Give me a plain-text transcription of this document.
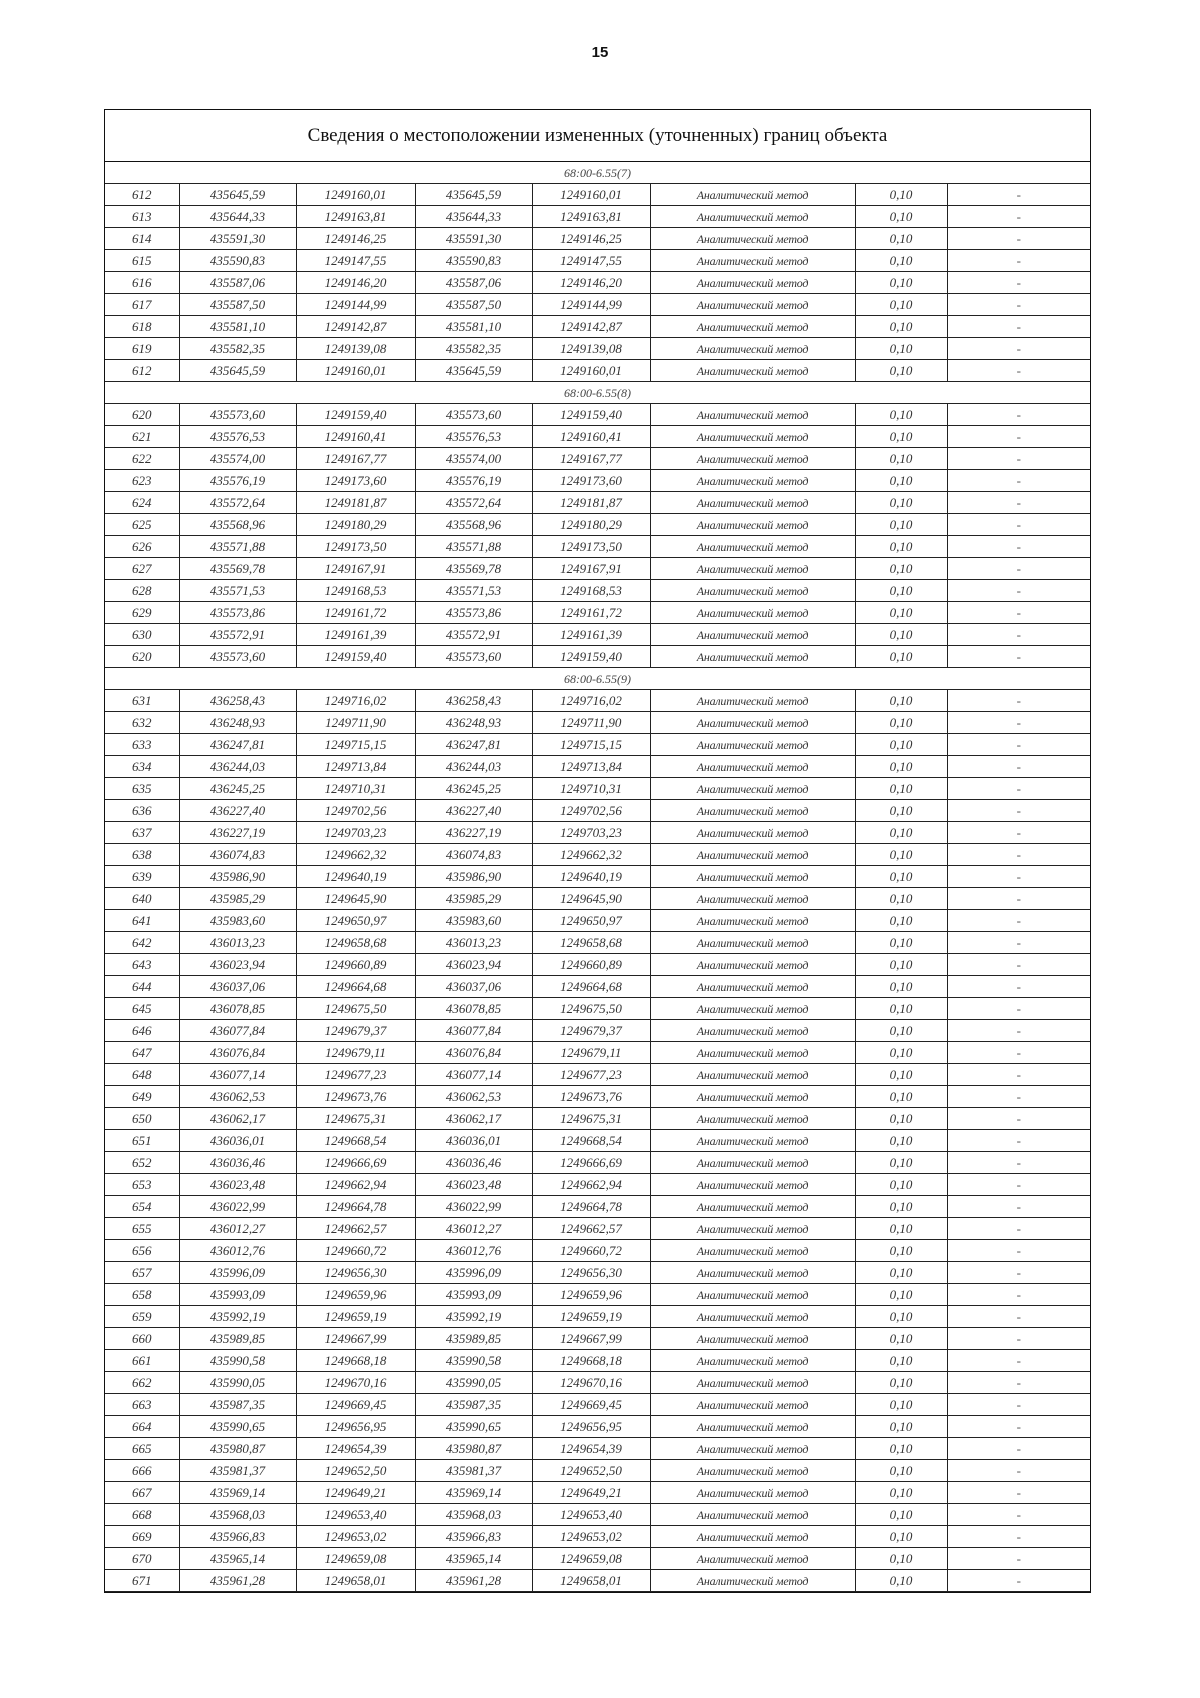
15
Сведения о местоположении измененных (уточненных) границ объекта
68:00-6.55(7)							
612	435645,59	1249160,01	435645,59	1249160,01	Аналитический метод	0,10	-
613	435644,33	1249163,81	435644,33	1249163,81	Аналитический метод	0,10	-
614	435591,30	1249146,25	435591,30	1249146,25	Аналитический метод	0,10	-
615	435590,83	1249147,55	435590,83	1249147,55	Аналитический метод	0,10	-
616	435587,06	1249146,20	435587,06	1249146,20	Аналитический метод	0,10	-
617	435587,50	1249144,99	435587,50	1249144,99	Аналитический метод	0,10	-
618	435581,10	1249142,87	435581,10	1249142,87	Аналитический метод	0,10	-
619	435582,35	1249139,08	435582,35	1249139,08	Аналитический метод	0,10	-
612	435645,59	1249160,01	435645,59	1249160,01	Аналитический метод	0,10	-
68:00-6.55(8)							
620	435573,60	1249159,40	435573,60	1249159,40	Аналитический метод	0,10	-
621	435576,53	1249160,41	435576,53	1249160,41	Аналитический метод	0,10	-
622	435574,00	1249167,77	435574,00	1249167,77	Аналитический метод	0,10	-
623	435576,19	1249173,60	435576,19	1249173,60	Аналитический метод	0,10	-
624	435572,64	1249181,87	435572,64	1249181,87	Аналитический метод	0,10	-
625	435568,96	1249180,29	435568,96	1249180,29	Аналитический метод	0,10	-
626	435571,88	1249173,50	435571,88	1249173,50	Аналитический метод	0,10	-
627	435569,78	1249167,91	435569,78	1249167,91	Аналитический метод	0,10	-
628	435571,53	1249168,53	435571,53	1249168,53	Аналитический метод	0,10	-
629	435573,86	1249161,72	435573,86	1249161,72	Аналитический метод	0,10	-
630	435572,91	1249161,39	435572,91	1249161,39	Аналитический метод	0,10	-
620	435573,60	1249159,40	435573,60	1249159,40	Аналитический метод	0,10	-
68:00-6.55(9)							
631	436258,43	1249716,02	436258,43	1249716,02	Аналитический метод	0,10	-
632	436248,93	1249711,90	436248,93	1249711,90	Аналитический метод	0,10	-
633	436247,81	1249715,15	436247,81	1249715,15	Аналитический метод	0,10	-
634	436244,03	1249713,84	436244,03	1249713,84	Аналитический метод	0,10	-
635	436245,25	1249710,31	436245,25	1249710,31	Аналитический метод	0,10	-
636	436227,40	1249702,56	436227,40	1249702,56	Аналитический метод	0,10	-
637	436227,19	1249703,23	436227,19	1249703,23	Аналитический метод	0,10	-
638	436074,83	1249662,32	436074,83	1249662,32	Аналитический метод	0,10	-
639	435986,90	1249640,19	435986,90	1249640,19	Аналитический метод	0,10	-
640	435985,29	1249645,90	435985,29	1249645,90	Аналитический метод	0,10	-
641	435983,60	1249650,97	435983,60	1249650,97	Аналитический метод	0,10	-
642	436013,23	1249658,68	436013,23	1249658,68	Аналитический метод	0,10	-
643	436023,94	1249660,89	436023,94	1249660,89	Аналитический метод	0,10	-
644	436037,06	1249664,68	436037,06	1249664,68	Аналитический метод	0,10	-
645	436078,85	1249675,50	436078,85	1249675,50	Аналитический метод	0,10	-
646	436077,84	1249679,37	436077,84	1249679,37	Аналитический метод	0,10	-
647	436076,84	1249679,11	436076,84	1249679,11	Аналитический метод	0,10	-
648	436077,14	1249677,23	436077,14	1249677,23	Аналитический метод	0,10	-
649	436062,53	1249673,76	436062,53	1249673,76	Аналитический метод	0,10	-
650	436062,17	1249675,31	436062,17	1249675,31	Аналитический метод	0,10	-
651	436036,01	1249668,54	436036,01	1249668,54	Аналитический метод	0,10	-
652	436036,46	1249666,69	436036,46	1249666,69	Аналитический метод	0,10	-
653	436023,48	1249662,94	436023,48	1249662,94	Аналитический метод	0,10	-
654	436022,99	1249664,78	436022,99	1249664,78	Аналитический метод	0,10	-
655	436012,27	1249662,57	436012,27	1249662,57	Аналитический метод	0,10	-
656	436012,76	1249660,72	436012,76	1249660,72	Аналитический метод	0,10	-
657	435996,09	1249656,30	435996,09	1249656,30	Аналитический метод	0,10	-
658	435993,09	1249659,96	435993,09	1249659,96	Аналитический метод	0,10	-
659	435992,19	1249659,19	435992,19	1249659,19	Аналитический метод	0,10	-
660	435989,85	1249667,99	435989,85	1249667,99	Аналитический метод	0,10	-
661	435990,58	1249668,18	435990,58	1249668,18	Аналитический метод	0,10	-
662	435990,05	1249670,16	435990,05	1249670,16	Аналитический метод	0,10	-
663	435987,35	1249669,45	435987,35	1249669,45	Аналитический метод	0,10	-
664	435990,65	1249656,95	435990,65	1249656,95	Аналитический метод	0,10	-
665	435980,87	1249654,39	435980,87	1249654,39	Аналитический метод	0,10	-
666	435981,37	1249652,50	435981,37	1249652,50	Аналитический метод	0,10	-
667	435969,14	1249649,21	435969,14	1249649,21	Аналитический метод	0,10	-
668	435968,03	1249653,40	435968,03	1249653,40	Аналитический метод	0,10	-
669	435966,83	1249653,02	435966,83	1249653,02	Аналитический метод	0,10	-
670	435965,14	1249659,08	435965,14	1249659,08	Аналитический метод	0,10	-
671	435961,28	1249658,01	435961,28	1249658,01	Аналитический метод	0,10	-
